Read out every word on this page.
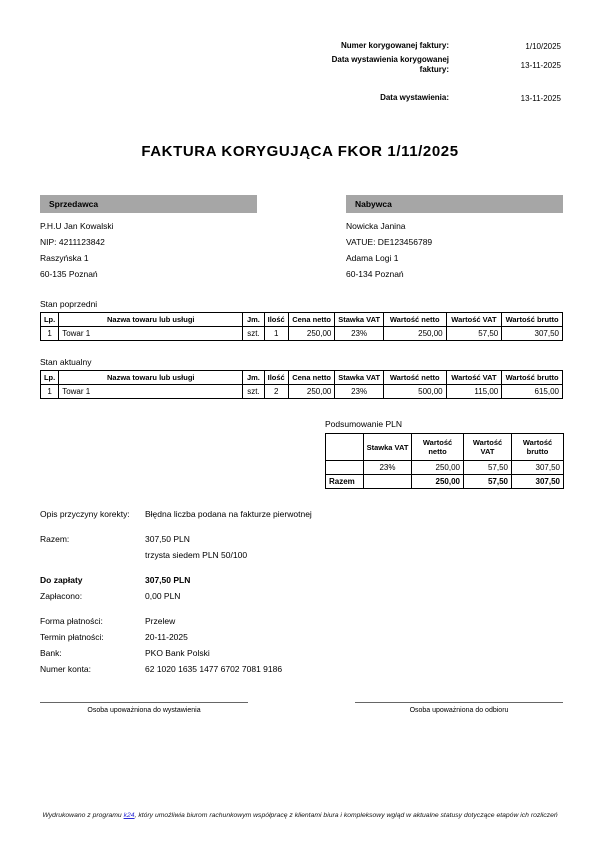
Numer korygowanej faktury:	1/10/2025
Data wystawienia korygowanej faktury:	13-11-2025
Data wystawienia:	13-11-2025
FAKTURA KORYGUJĄCA FKOR 1/11/2025
Sprzedawca
P.H.U Jan Kowalski
NIP: 4211123842
Raszyńska 1
60-135 Poznań
Nabywca
Nowicka Janina
VATUE: DE123456789
Adama Logi 1
60-134 Poznań
Stan poprzedni
Lp.	Nazwa towaru lub usługi	Jm.	Ilość	Cena netto	Stawka VAT	Wartość netto	Wartość VAT	Wartość brutto
1	Towar 1	szt.	1	250,00	23%	250,00	57,50	307,50
Stan aktualny
Lp.	Nazwa towaru lub usługi	Jm.	Ilość	Cena netto	Stawka VAT	Wartość netto	Wartość VAT	Wartość brutto
1	Towar 1	szt.	2	250,00	23%	500,00	115,00	615,00
Podsumowanie PLN
	Stawka VAT	Wartość netto	Wartość VAT	Wartość brutto
	23%	250,00	57,50	307,50
Razem		250,00	57,50	307,50
Opis przyczyny korekty:	Błędna liczba podana na fakturze pierwotnej
Razem:	307,50 PLN
trzysta siedem PLN 50/100
Do zapłaty	307,50 PLN
Zapłacono:	0,00 PLN
Forma płatności:	Przelew
Termin płatności:	20-11-2025
Bank:	PKO Bank Polski
Numer konta:	62 1020 1635 1477 6702 7081 9186
Osoba upoważniona do wystawienia	Osoba upoważniona do odbioru
Wydrukowano z programu k24, który umożliwia biurom rachunkowym współpracę z klientami biura i kompleksowy wgląd w aktualne statusy dotyczące etapów ich rozliczeń
